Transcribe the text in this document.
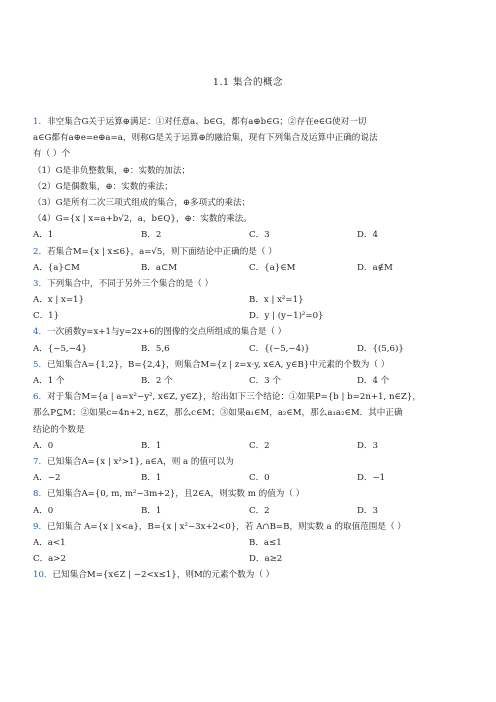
1.1 集合的概念
1．非空集合G关于运算⊕满足：①对任意a、b∈G，都有a⊕b∈G；②存在e∈G使对一切
a∈G都有a⊕e=e⊕a=a，则称G是关于运算⊕的融洽集，现有下列集合及运算中正确的说法
有（ ）个
（1）G是非负整数集，⊕：实数的加法；
（2）G是偶数集，⊕：实数的乘法；
（3）G是所有二次三项式组成的集合，⊕多项式的乘法；
（4）G={x | x=a+b√2，a，b∈Q}，⊕：实数的乘法。
A．1	B．2	C．3	D．4
2．若集合M={x | x≤6}，a=√5，则下面结论中正确的是（ ）
A．{a}⊂M	B．a⊂M	C．{a}∈M	D．a∉M
3．下列集合中，不同于另外三个集合的是（ ）
A．x | x=1}	B．x | x²=1}
C．1}	D．y | (y−1)²=0}
4．一次函数y=x+1与y=2x+6的图像的交点所组成的集合是（ ）
A．{−5,−4}	B．5,6	C．{(−5,−4)}	D．{(5,6)}
5．已知集合A={1,2}，B={2,4}，则集合M={z | z=x·y, x∈A, y∈B}中元素的个数为（ ）
A．1 个	B．2 个	C．3 个	D．4 个
6．对于集合M={a | a=x²−y², x∈Z, y∈Z}，给出如下三个结论：①如果P={b | b=2n+1, n∈Z}，
那么P⊆M；②如果c=4n+2, n∈Z，那么c∈M；③如果a₁∈M，a₂∈M，那么a₁a₂∈M．其中正确
结论的个数是
A．0	B．1	C．2	D．3
7．已知集合A={x | x²>1}, a∈A，则 a 的值可以为
A．−2	B．1	C．0	D．−1
8．已知集合A={0, m, m²−3m+2}，且2∈A，则实数 m 的值为（ ）
A．0	B．1	C．2	D．3
9．已知集合 A={x | x<a}，B={x | x²−3x+2<0}，若 A∩B=B，则实数 a 的取值范围是（ ）
A．a<1	B．a≤1
C．a>2	D．a≥2
10．已知集合M={x∈Z | −2<x≤1}，则M的元素个数为（ ）
